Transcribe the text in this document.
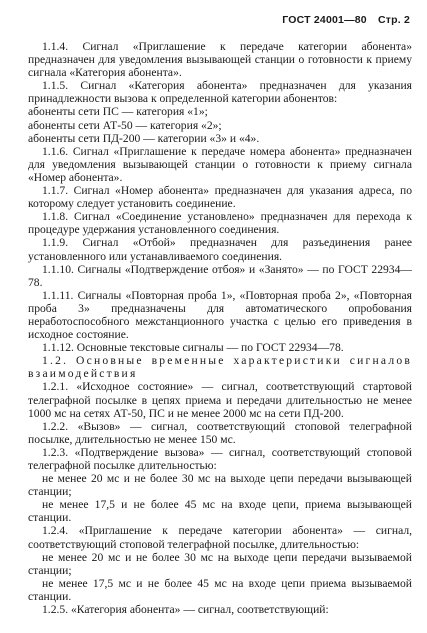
ГОСТ 24001—80 Стр. 2

1.1.4. Сигнал «Приглашение к передаче категории абонента» предназначен для уведомления вызывающей станции о готовности к приему сигнала «Категория абонента».

1.1.5. Сигнал «Категория абонента» предназначен для указания принадлежности вызова к определенной категории абонентов:

абоненты сети ПС — категория «1»;

абоненты сети АТ-50 — категория «2»;

абоненты сети ПД-200 — категории «3» и «4».

1.1.6. Сигнал «Приглашение к передаче номера абонента» предназначен для уведомления вызывающей станции о готовности к приему сигнала «Номер абонента».

1.1.7. Сигнал «Номер абонента» предназначен для указания адреса, по которому следует установить соединение.

1.1.8. Сигнал «Соединение установлено» предназначен для перехода к процедуре удержания установленного соединения.

1.1.9. Сигнал «Отбой» предназначен для разъединения ранее установленного или устанавливаемого соединения.

1.1.10. Сигналы «Подтверждение отбоя» и «Занято» — по ГОСТ 22934—78.

1.1.11. Сигналы «Повторная проба 1», «Повторная проба 2», «Повторная проба 3» предназначены для автоматического опробования неработоспособного межстанционного участка с целью его приведения в исходное состояние.

1.1.12. Основные текстовые сигналы — по ГОСТ 22934—78.

1.2. Основные временные характеристики сигналов взаимодействия

1.2.1. «Исходное состояние» — сигнал, соответствующий стартовой телеграфной посылке в цепях приема и передачи длительностью не менее 1000 мс на сетях АТ-50, ПС и не менее 2000 мс на сети ПД-200.

1.2.2. «Вызов» — сигнал, соответствующий стоповой телеграфной посылке, длительностью не менее 150 мс.

1.2.3. «Подтверждение вызова» — сигнал, соответствующий стоповой телеграфной посылке длительностью:

не менее 20 мс и не более 30 мс на выходе цепи передачи вызывающей станции;

не менее 17,5 и не более 45 мс на входе цепи, приема вызывающей станции.

1.2.4. «Приглашение к передаче категории абонента» — сигнал, соответствующий стоповой телеграфной посылке, длительностью:

не менее 20 мс и не более 30 мс на выходе цепи передачи вызываемой станции;

не менее 17,5 мс и не более 45 мс на входе цепи приема вызываемой станции.

1.2.5. «Категория абонента» — сигнал, соответствующий:
